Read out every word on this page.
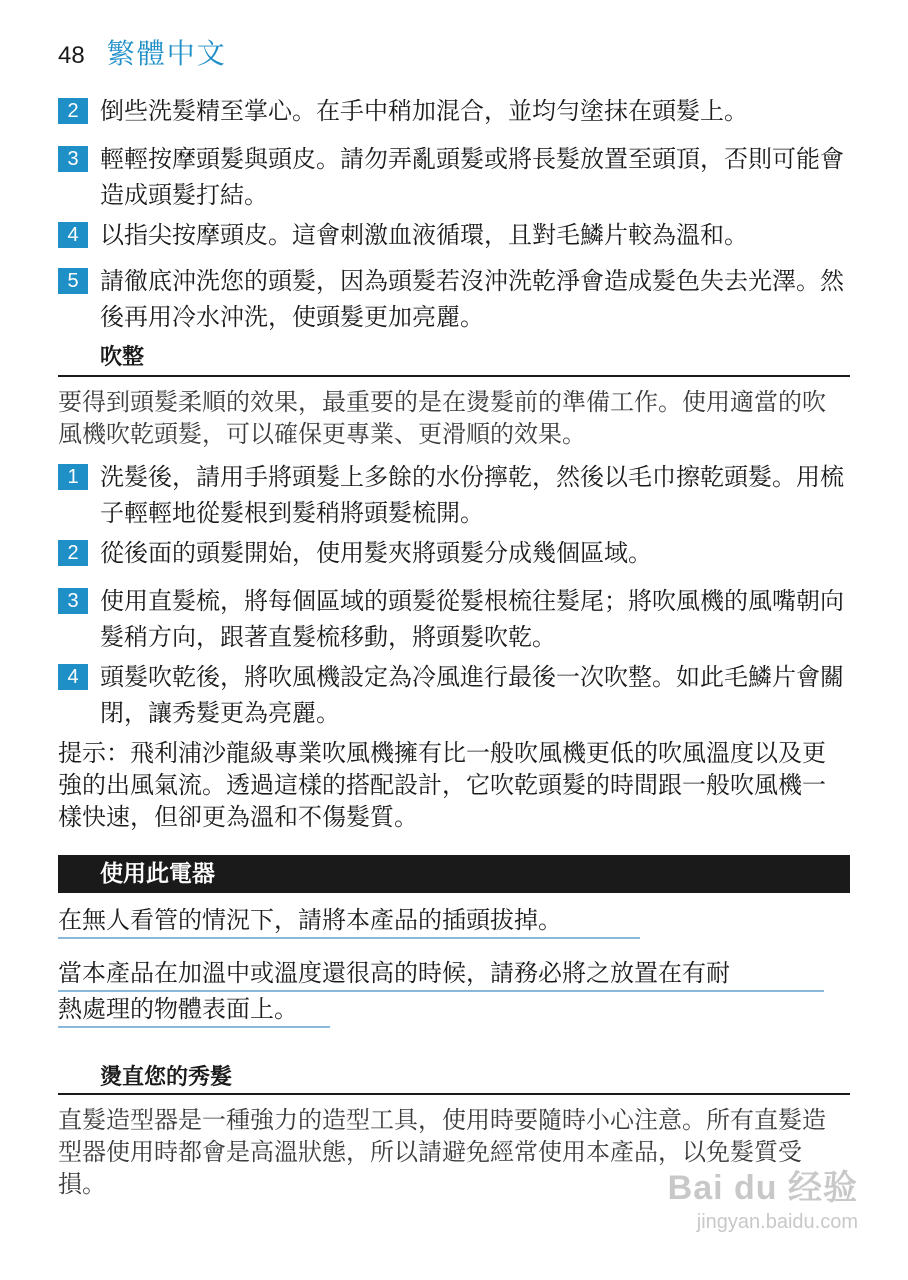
48 繁體中文
2 倒些洗髮精至掌心。在手中稍加混合，並均勻塗抹在頭髮上。
3 輕輕按摩頭髮與頭皮。請勿弄亂頭髮或將長髮放置至頭頂，否則可能會造成頭髮打結。
4 以指尖按摩頭皮。這會刺激血液循環，且對毛鱗片較為溫和。
5 請徹底沖洗您的頭髮，因為頭髮若沒沖洗乾淨會造成髮色失去光澤。然後再用冷水沖洗，使頭髮更加亮麗。
吹整
要得到頭髮柔順的效果，最重要的是在燙髮前的準備工作。使用適當的吹風機吹乾頭髮，可以確保更專業、更滑順的效果。
1 洗髮後，請用手將頭髮上多餘的水份擰乾，然後以毛巾擦乾頭髮。用梳子輕輕地從髮根到髮稍將頭髮梳開。
2 從後面的頭髮開始，使用髮夾將頭髮分成幾個區域。
3 使用直髮梳，將每個區域的頭髮從髮根梳往髮尾；將吹風機的風嘴朝向髮稍方向，跟著直髮梳移動，將頭髮吹乾。
4 頭髮吹乾後，將吹風機設定為冷風進行最後一次吹整。如此毛鱗片會關閉，讓秀髮更為亮麗。
提示：飛利浦沙龍級專業吹風機擁有比一般吹風機更低的吹風溫度以及更強的出風氣流。透過這樣的搭配設計，它吹乾頭髮的時間跟一般吹風機一樣快速，但卻更為溫和不傷髮質。
使用此電器
在無人看管的情況下，請將本產品的插頭拔掉。
當本產品在加溫中或溫度還很高的時候，請務必將之放置在有耐
熱處理的物體表面上。
燙直您的秀髮
直髮造型器是一種強力的造型工具，使用時要隨時小心注意。所有直髮造型器使用時都會是高溫狀態，所以請避免經常使用本產品，以免髮質受損。	Bai du 经验
jingyan.baidu.com
